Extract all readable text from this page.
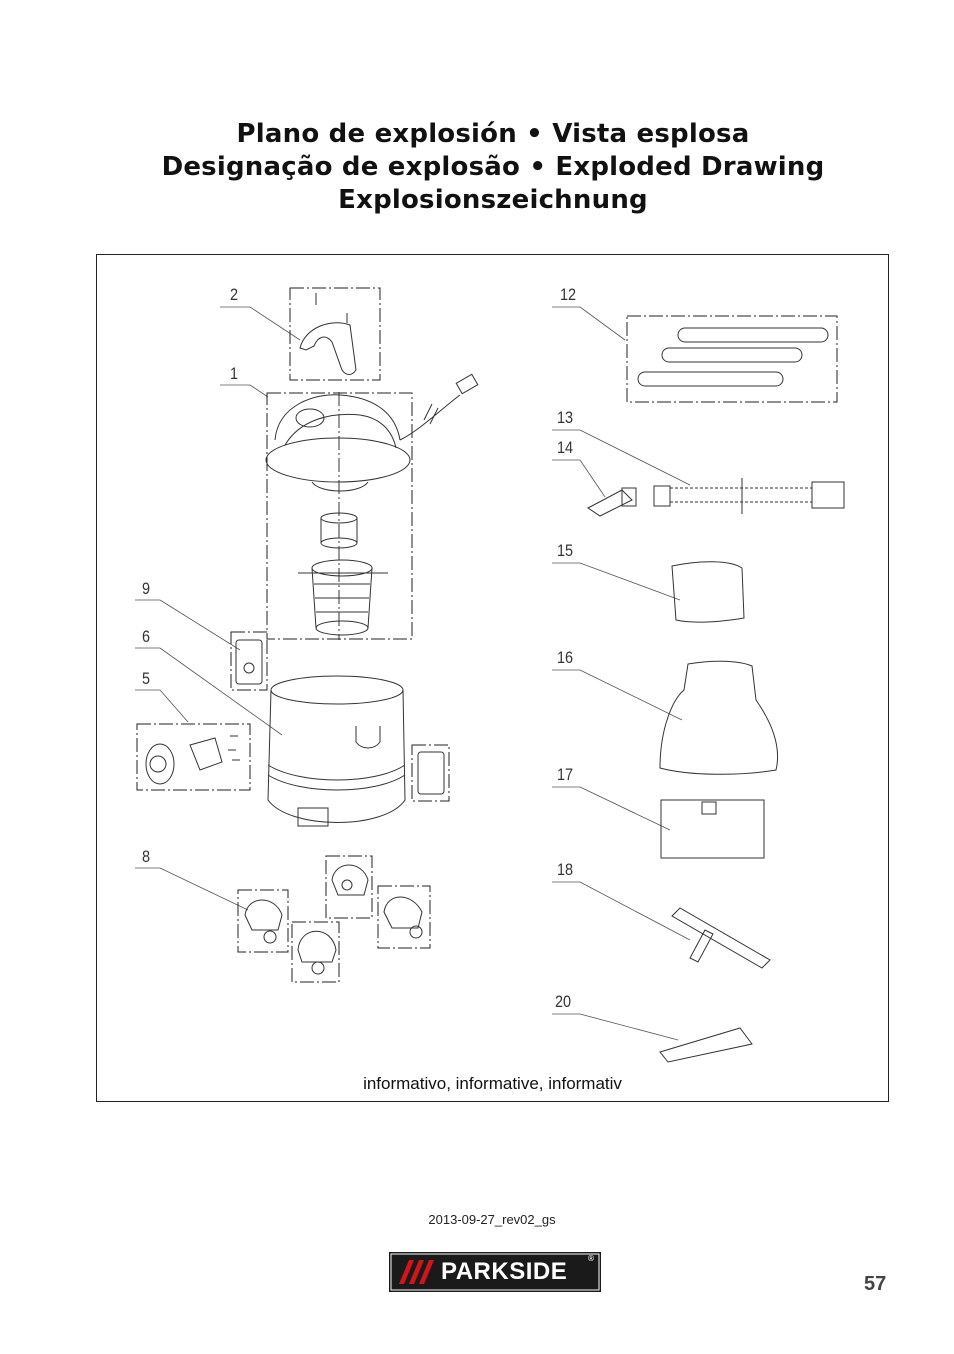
Plano de explosión • Vista esplosa
Designação de explosão • Exploded Drawing
Explosionszeichnung
2
1
9
6
5
8
12
13
14
15
16
17
18
20
informativo, informative, informativ
2013-09-27_rev02_gs
PARKSIDE ®
57
